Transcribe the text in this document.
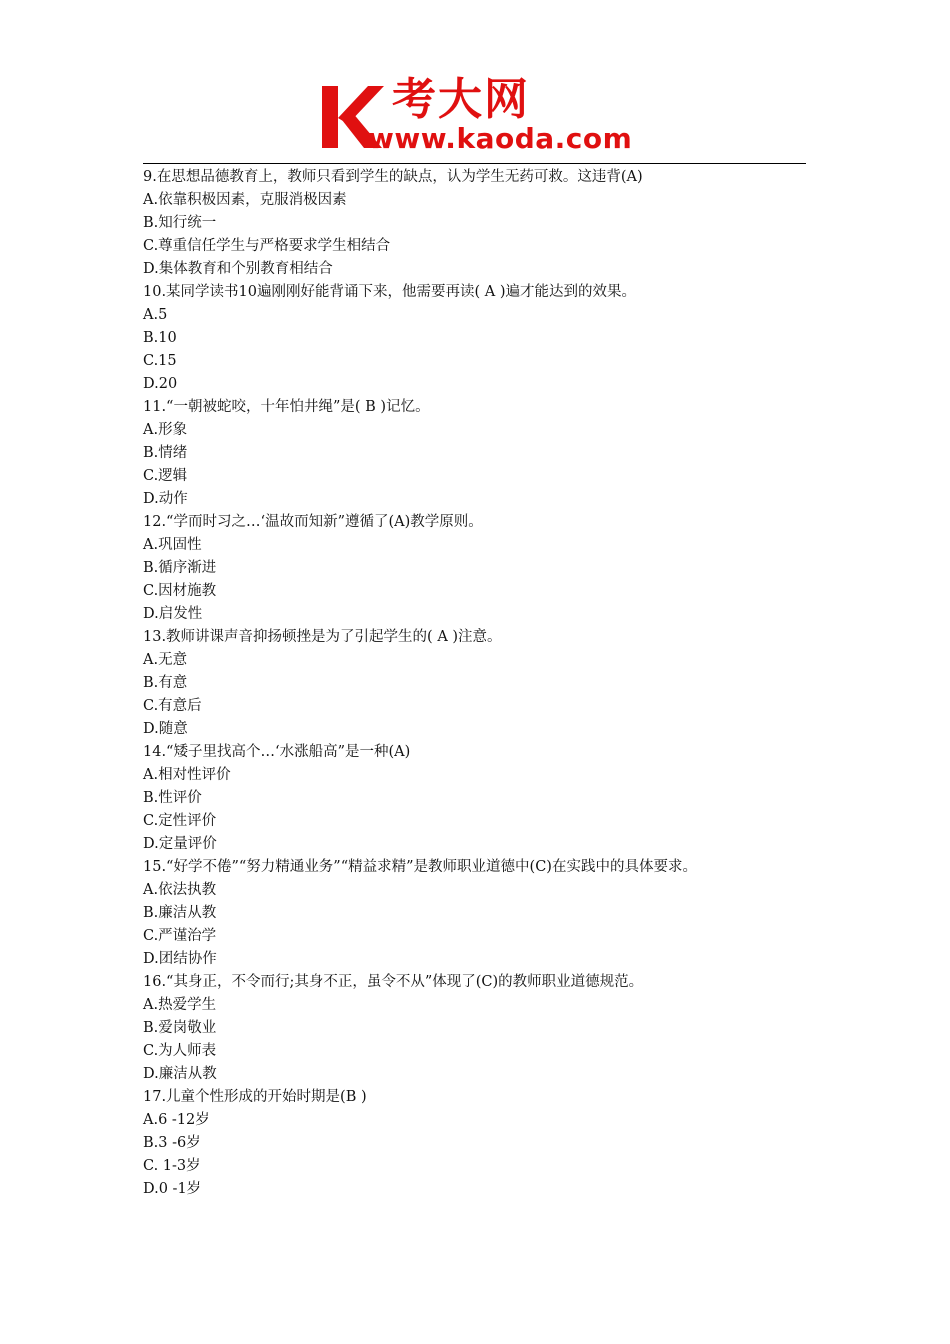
考大网
www.kaoda.com
9.在思想品德教育上，教师只看到学生的缺点，认为学生无药可救。这违背(A)
A.依靠积极因素，克服消极因素
B.知行统一
C.尊重信任学生与严格要求学生相结合
D.集体教育和个别教育相结合
10.某同学读书10遍刚刚好能背诵下来，他需要再读( A )遍才能达到的效果。
A.5
B.10
C.15
D.20
11.“一朝被蛇咬，十年怕井绳”是( B )记忆。
A.形象
B.情绪
C.逻辑
D.动作
12.“学而时习之…‘温故而知新”遵循了(A)教学原则。
A.巩固性
B.循序渐进
C.因材施教
D.启发性
13.教师讲课声音抑扬顿挫是为了引起学生的( A )注意。
A.无意
B.有意
C.有意后
D.随意
14.“矮子里找高个…‘水涨船高”是一种(A)
A.相对性评价
B.性评价
C.定性评价
D.定量评价
15.“好学不倦”“努力精通业务”“精益求精”是教师职业道德中(C)在实践中的具体要求。
A.依法执教
B.廉洁从教
C.严谨治学
D.团结协作
16.“其身正，不令而行;其身不正，虽令不从”体现了(C)的教师职业道德规范。
A.热爱学生
B.爱岗敬业
C.为人师表
D.廉洁从教
17.儿童个性形成的开始时期是(B )
A.6 -12岁
B.3 -6岁
C. 1-3岁
D.0 -1岁
